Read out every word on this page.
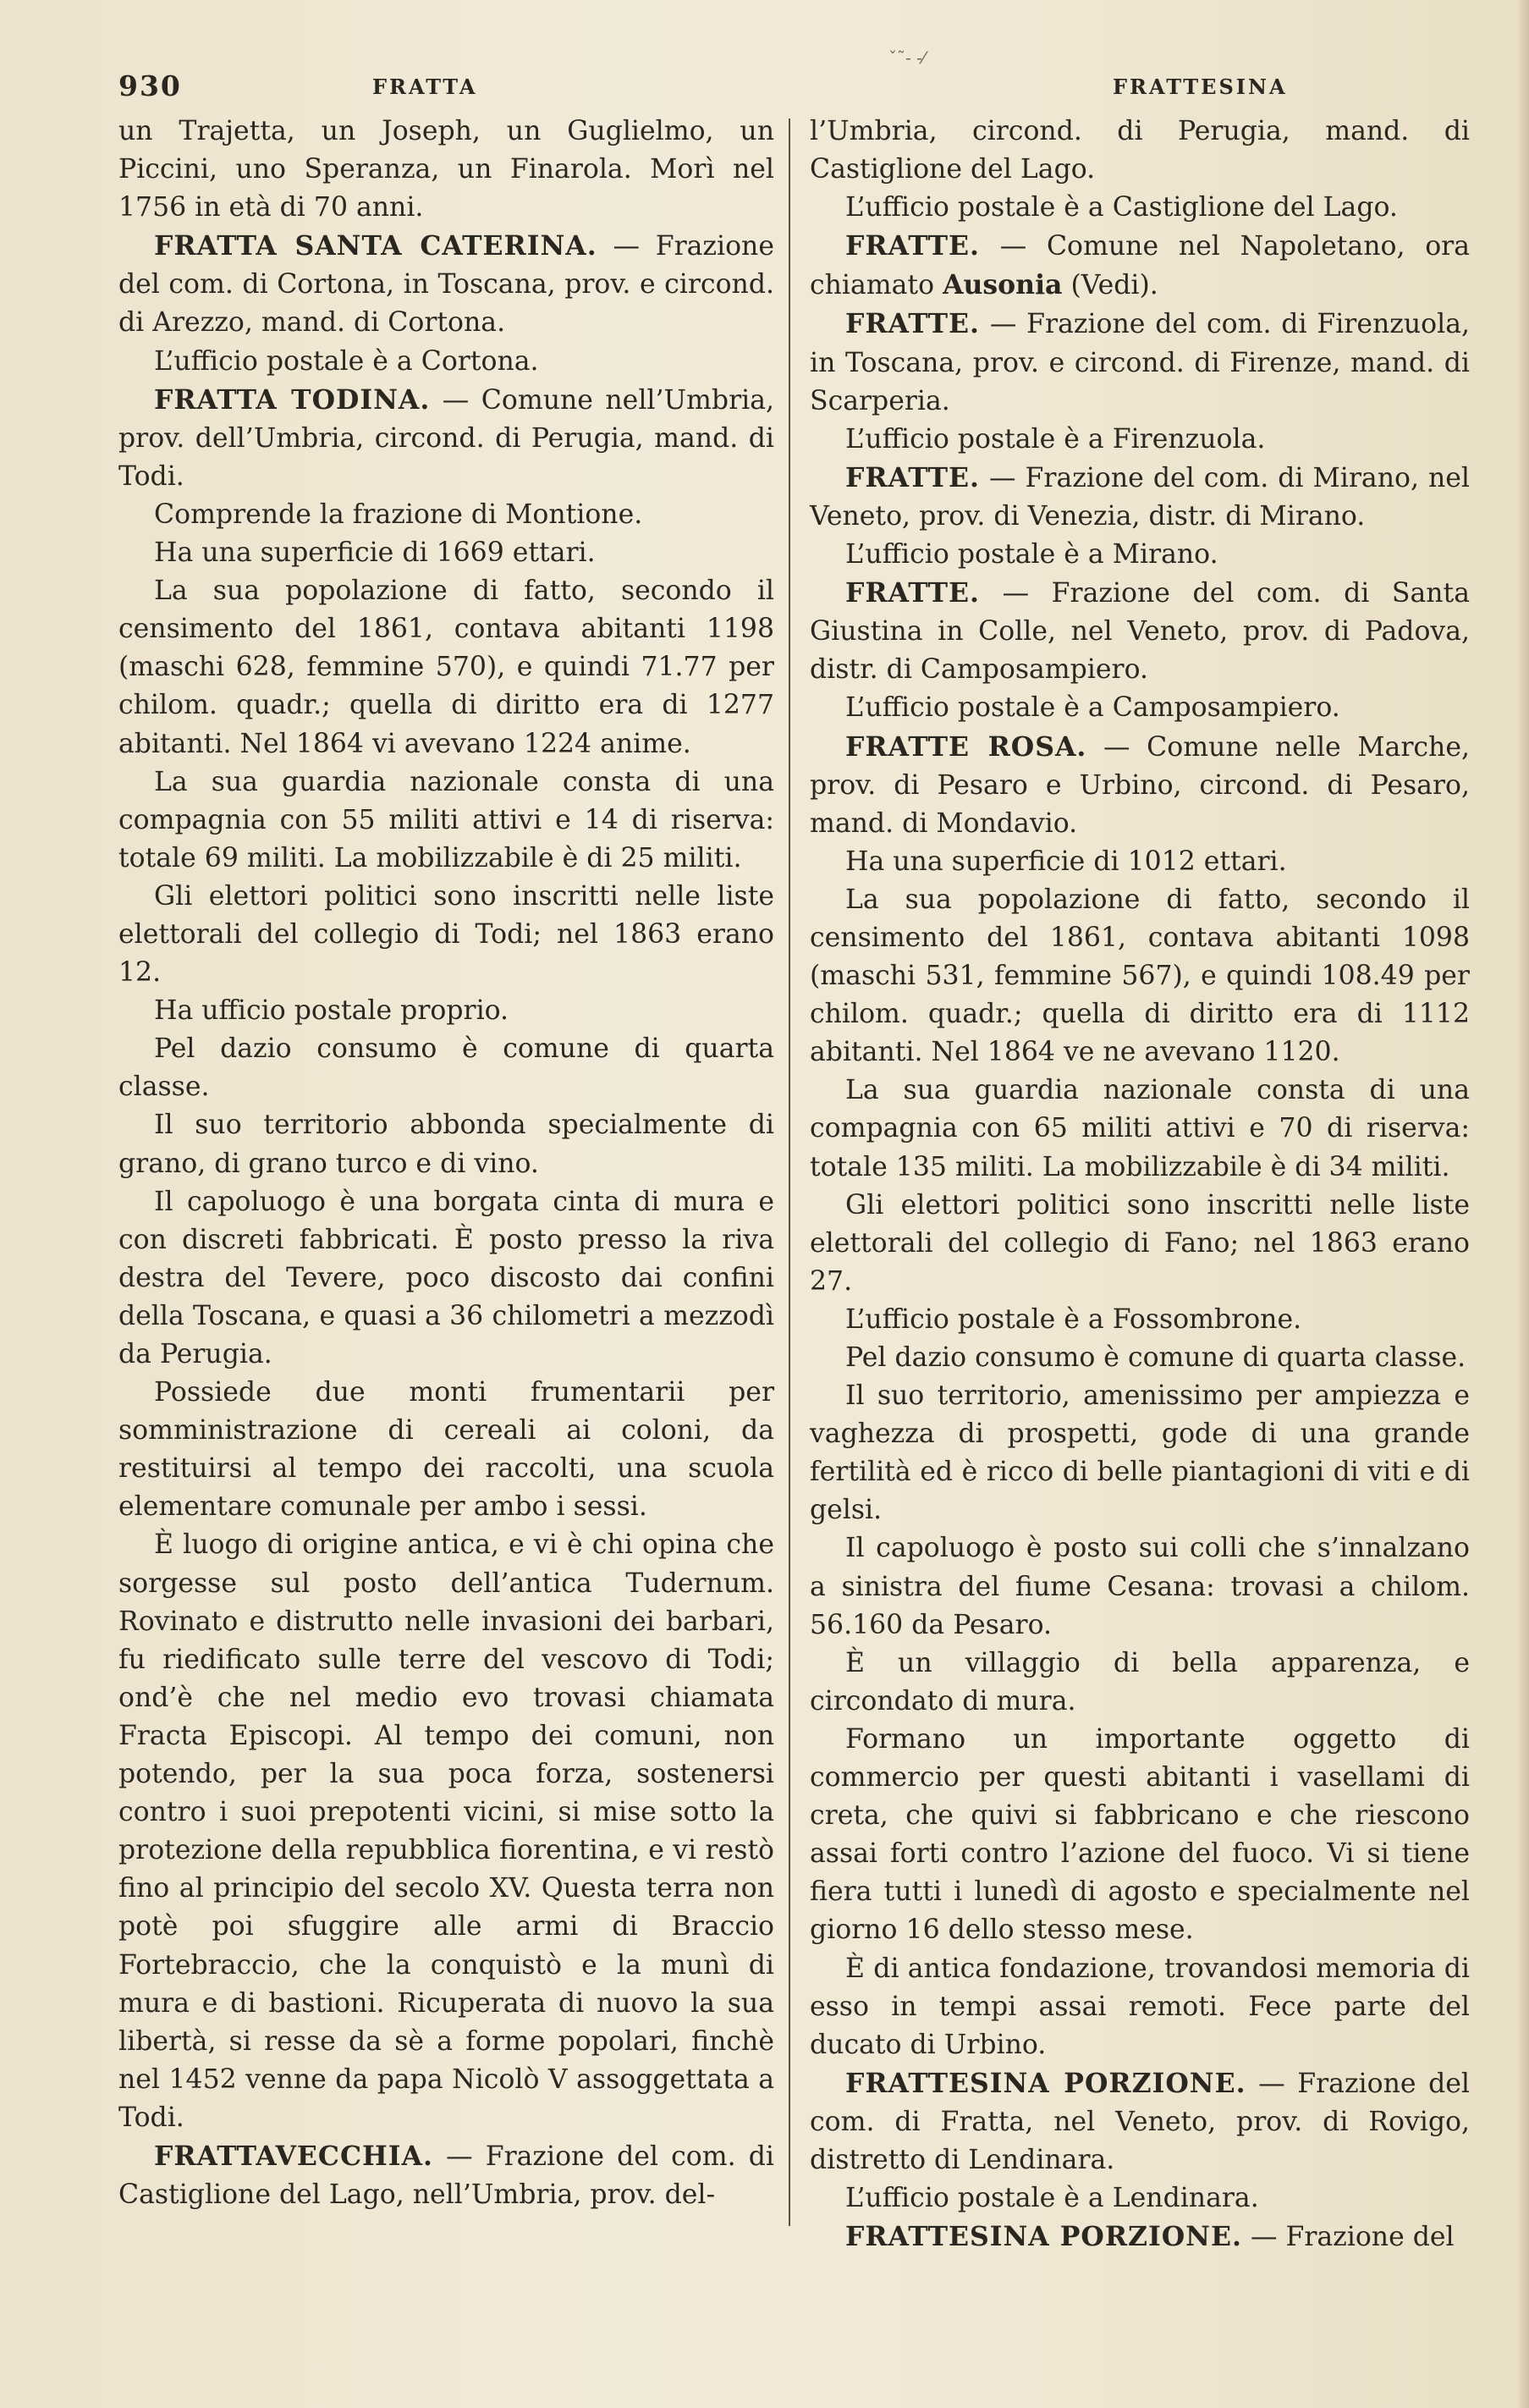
930	FRATTA	FRATTESINA
ˇ˜‐ ‐⁄

un Trajetta, un Joseph, un Guglielmo, un Piccini, uno Speranza, un Finarola. Morì nel 1756 in età di 70 anni.

FRATTA SANTA CATERINA. — Frazione del com. di Cortona, in Toscana, prov. e circond. di Arezzo, mand. di Cortona.

L’ufficio postale è a Cortona.

FRATTA TODINA. — Comune nell’Umbria, prov. dell’Umbria, circond. di Perugia, mand. di Todi.

Comprende la frazione di Montione.

Ha una superficie di 1669 ettari.

La sua popolazione di fatto, secondo il censimento del 1861, contava abitanti 1198 (maschi 628, femmine 570), e quindi 71.77 per chilom. quadr.; quella di diritto era di 1277 abitanti. Nel 1864 vi avevano 1224 anime.

La sua guardia nazionale consta di una compagnia con 55 militi attivi e 14 di riserva: totale 69 militi. La mobilizzabile è di 25 militi.

Gli elettori politici sono inscritti nelle liste elettorali del collegio di Todi; nel 1863 erano 12.

Ha ufficio postale proprio.

Pel dazio consumo è comune di quarta classe.

Il suo territorio abbonda specialmente di grano, di grano turco e di vino.

Il capoluogo è una borgata cinta di mura e con discreti fabbricati. È posto presso la riva destra del Tevere, poco discosto dai confini della Toscana, e quasi a 36 chilometri a mezzodì da Perugia.

Possiede due monti frumentarii per somministrazione di cereali ai coloni, da restituirsi al tempo dei raccolti, una scuola elementare comunale per ambo i sessi.

È luogo di origine antica, e vi è chi opina che sorgesse sul posto dell’antica Tudernum. Rovinato e distrutto nelle invasioni dei barbari, fu riedificato sulle terre del vescovo di Todi; ond’è che nel medio evo trovasi chiamata Fracta Episcopi. Al tempo dei comuni, non potendo, per la sua poca forza, sostenersi contro i suoi prepotenti vicini, si mise sotto la protezione della repubblica fiorentina, e vi restò fino al principio del secolo XV. Questa terra non potè poi sfuggire alle armi di Braccio Fortebraccio, che la conquistò e la munì di mura e di bastioni. Ricuperata di nuovo la sua libertà, si resse da sè a forme popolari, finchè nel 1452 venne da papa Nicolò V assoggettata a Todi.

FRATTAVECCHIA. — Frazione del com. di Castiglione del Lago, nell’Umbria, prov. del-

l’Umbria, circond. di Perugia, mand. di Castiglione del Lago.

L’ufficio postale è a Castiglione del Lago.

FRATTE. — Comune nel Napoletano, ora chiamato Ausonia (Vedi).

FRATTE. — Frazione del com. di Firenzuola, in Toscana, prov. e circond. di Firenze, mand. di Scarperia.

L’ufficio postale è a Firenzuola.

FRATTE. — Frazione del com. di Mirano, nel Veneto, prov. di Venezia, distr. di Mirano.

L’ufficio postale è a Mirano.

FRATTE. — Frazione del com. di Santa Giustina in Colle, nel Veneto, prov. di Padova, distr. di Camposampiero.

L’ufficio postale è a Camposampiero.

FRATTE ROSA. — Comune nelle Marche, prov. di Pesaro e Urbino, circond. di Pesaro, mand. di Mondavio.

Ha una superficie di 1012 ettari.

La sua popolazione di fatto, secondo il censimento del 1861, contava abitanti 1098 (maschi 531, femmine 567), e quindi 108.49 per chilom. quadr.; quella di diritto era di 1112 abitanti. Nel 1864 ve ne avevano 1120.

La sua guardia nazionale consta di una compagnia con 65 militi attivi e 70 di riserva: totale 135 militi. La mobilizzabile è di 34 militi.

Gli elettori politici sono inscritti nelle liste elettorali del collegio di Fano; nel 1863 erano 27.

L’ufficio postale è a Fossombrone.

Pel dazio consumo è comune di quarta classe.

Il suo territorio, amenissimo per ampiezza e vaghezza di prospetti, gode di una grande fertilità ed è ricco di belle piantagioni di viti e di gelsi.

Il capoluogo è posto sui colli che s’innalzano a sinistra del fiume Cesana: trovasi a chilom. 56.160 da Pesaro.

È un villaggio di bella apparenza, e circondato di mura.

Formano un importante oggetto di commercio per questi abitanti i vasellami di creta, che quivi si fabbricano e che riescono assai forti contro l’azione del fuoco. Vi si tiene fiera tutti i lunedì di agosto e specialmente nel giorno 16 dello stesso mese.

È di antica fondazione, trovandosi memoria di esso in tempi assai remoti. Fece parte del ducato di Urbino.

FRATTESINA PORZIONE. — Frazione del com. di Fratta, nel Veneto, prov. di Rovigo, distretto di Lendinara.

L’ufficio postale è a Lendinara.

FRATTESINA PORZIONE. — Frazione del
